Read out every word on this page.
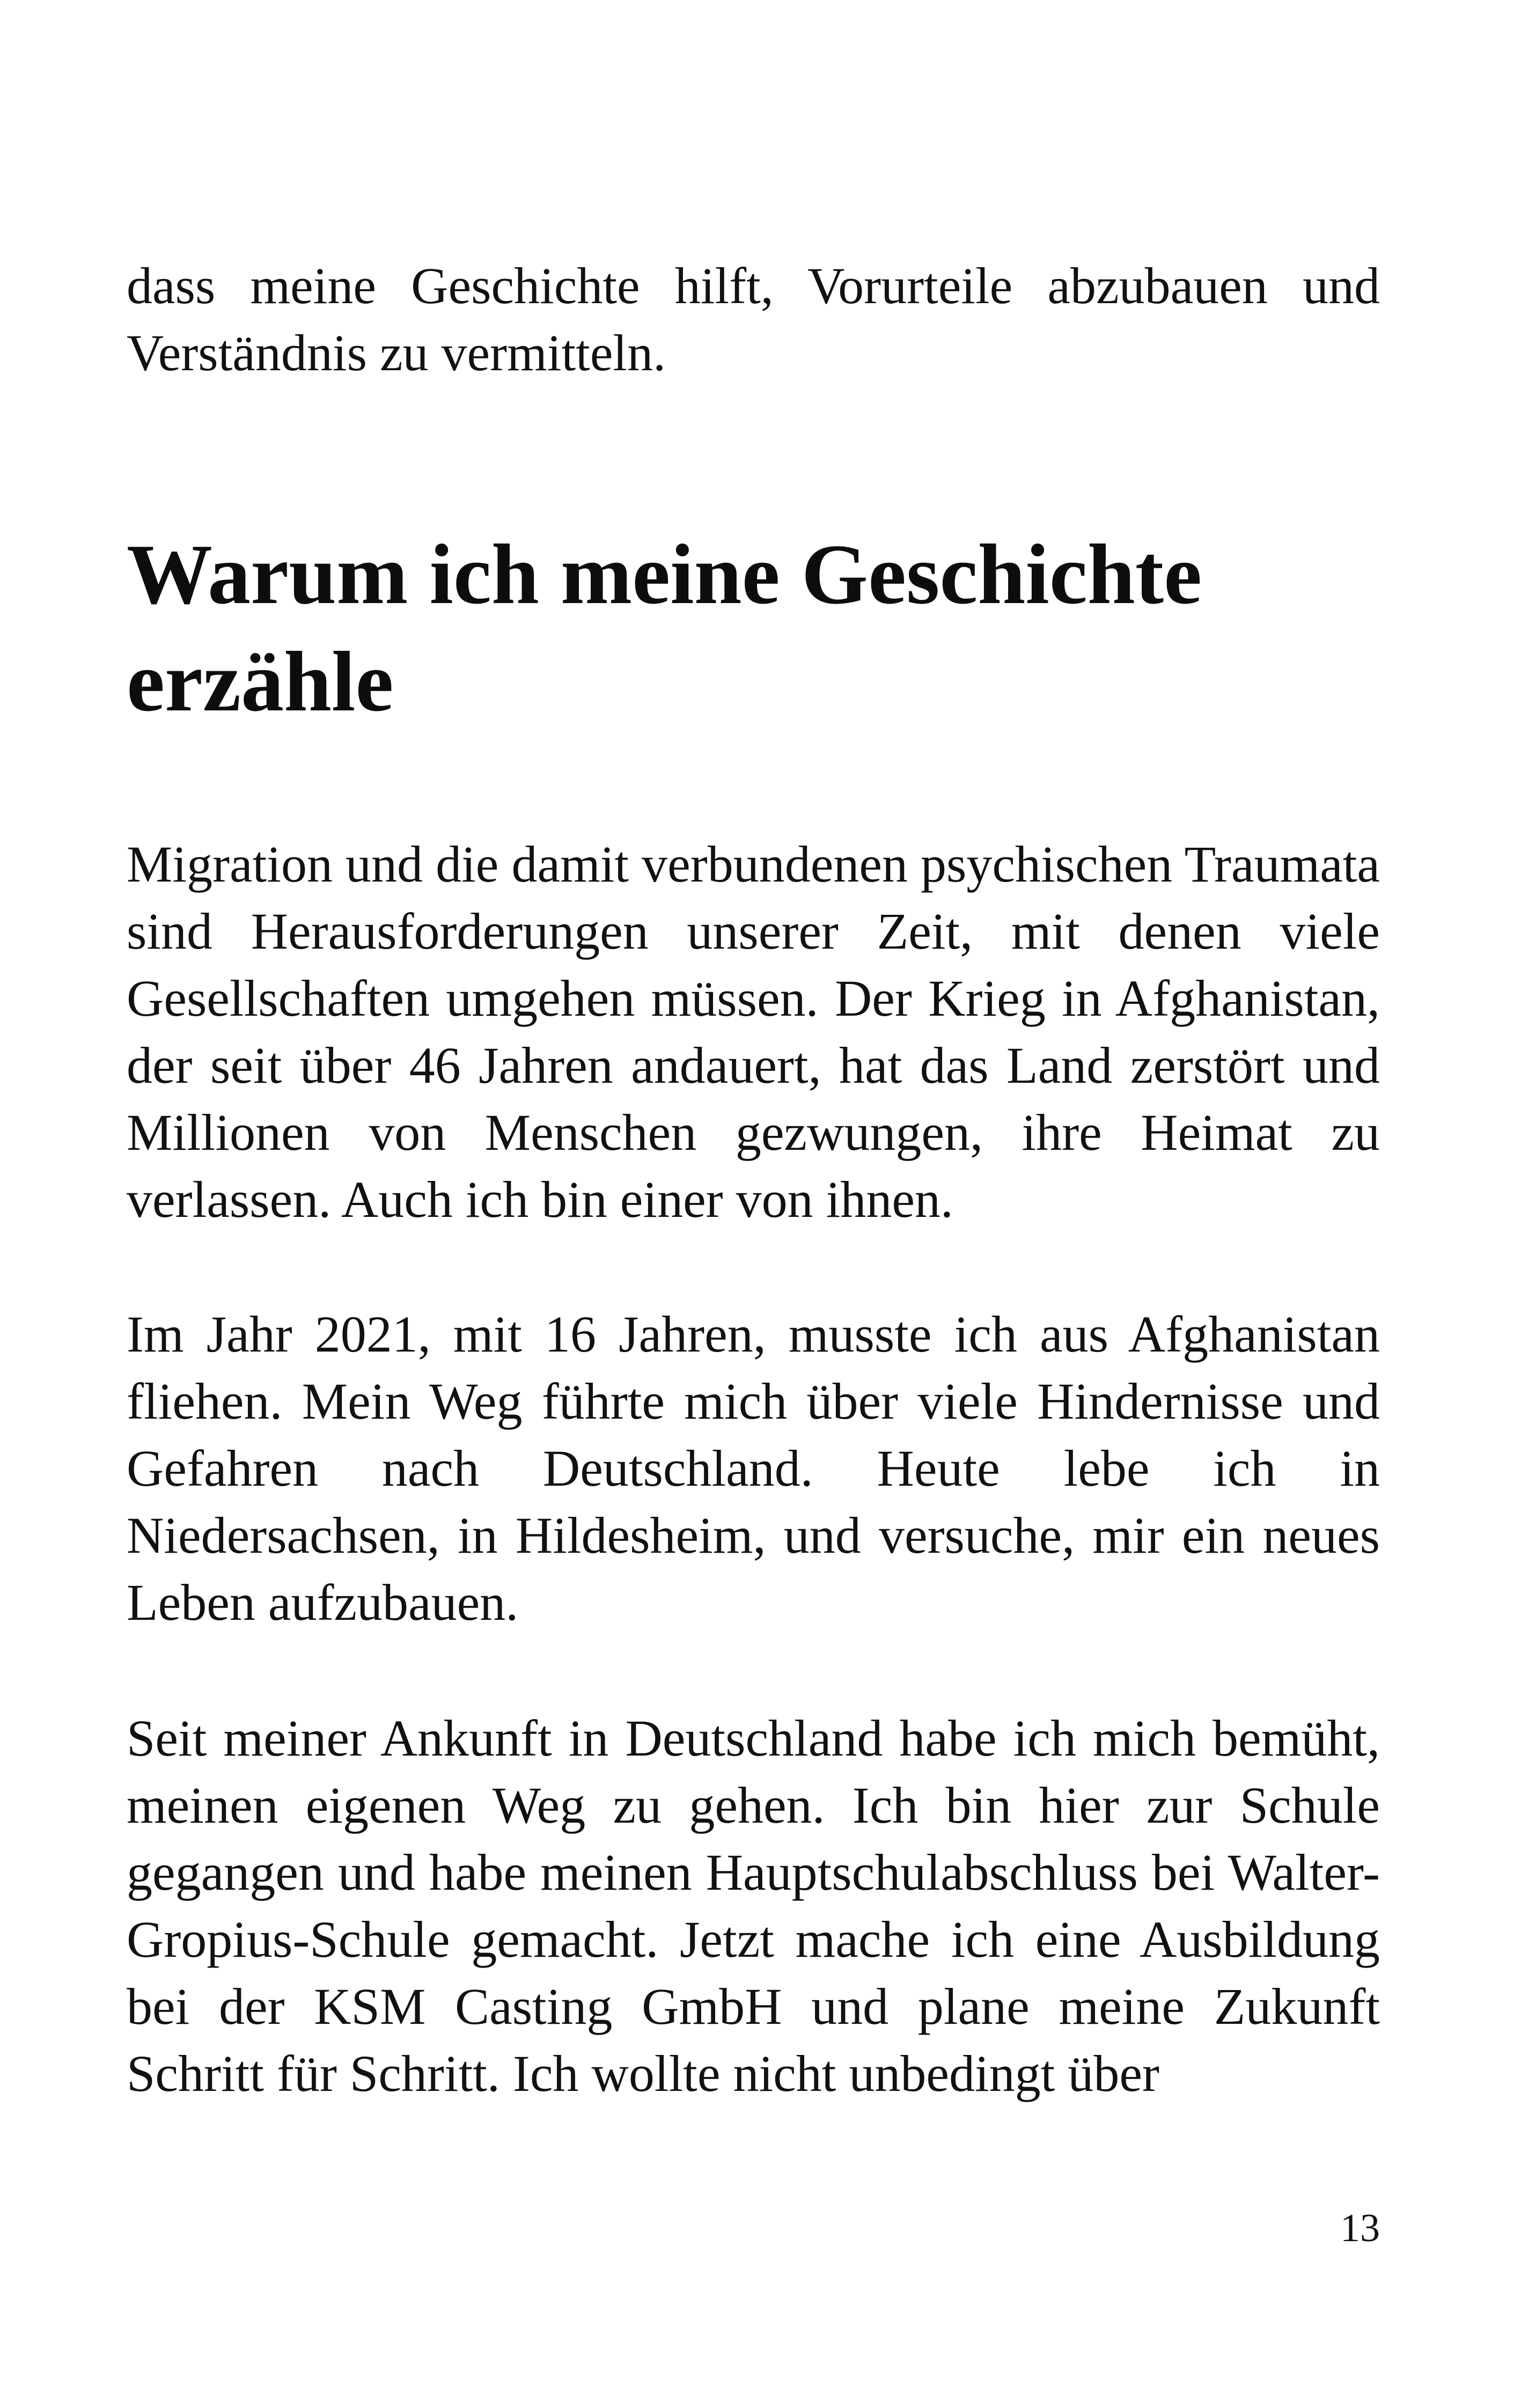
dass meine Geschichte hilft, Vorurteile abzubauen und Verständnis zu vermitteln.

Warum ich meine Geschichte erzähle

Migration und die damit verbundenen psychischen Traumata sind Herausforderungen unserer Zeit, mit denen viele Gesellschaften umgehen müssen. Der Krieg in Afghanistan, der seit über 46 Jahren andauert, hat das Land zerstört und Millionen von Menschen gezwungen, ihre Heimat zu verlassen. Auch ich bin einer von ihnen.

Im Jahr 2021, mit 16 Jahren, musste ich aus Afghanistan fliehen. Mein Weg führte mich über viele Hindernisse und Gefahren nach Deutschland. Heute lebe ich in Niedersachsen, in Hildesheim, und versuche, mir ein neues Leben aufzubauen.

Seit meiner Ankunft in Deutschland habe ich mich bemüht, meinen eigenen Weg zu gehen. Ich bin hier zur Schule gegangen und habe meinen Hauptschulabschluss bei Walter-Gropius-Schule gemacht. Jetzt mache ich eine Ausbildung bei der KSM Casting GmbH und plane meine Zukunft Schritt für Schritt. Ich wollte nicht unbedingt über

13
